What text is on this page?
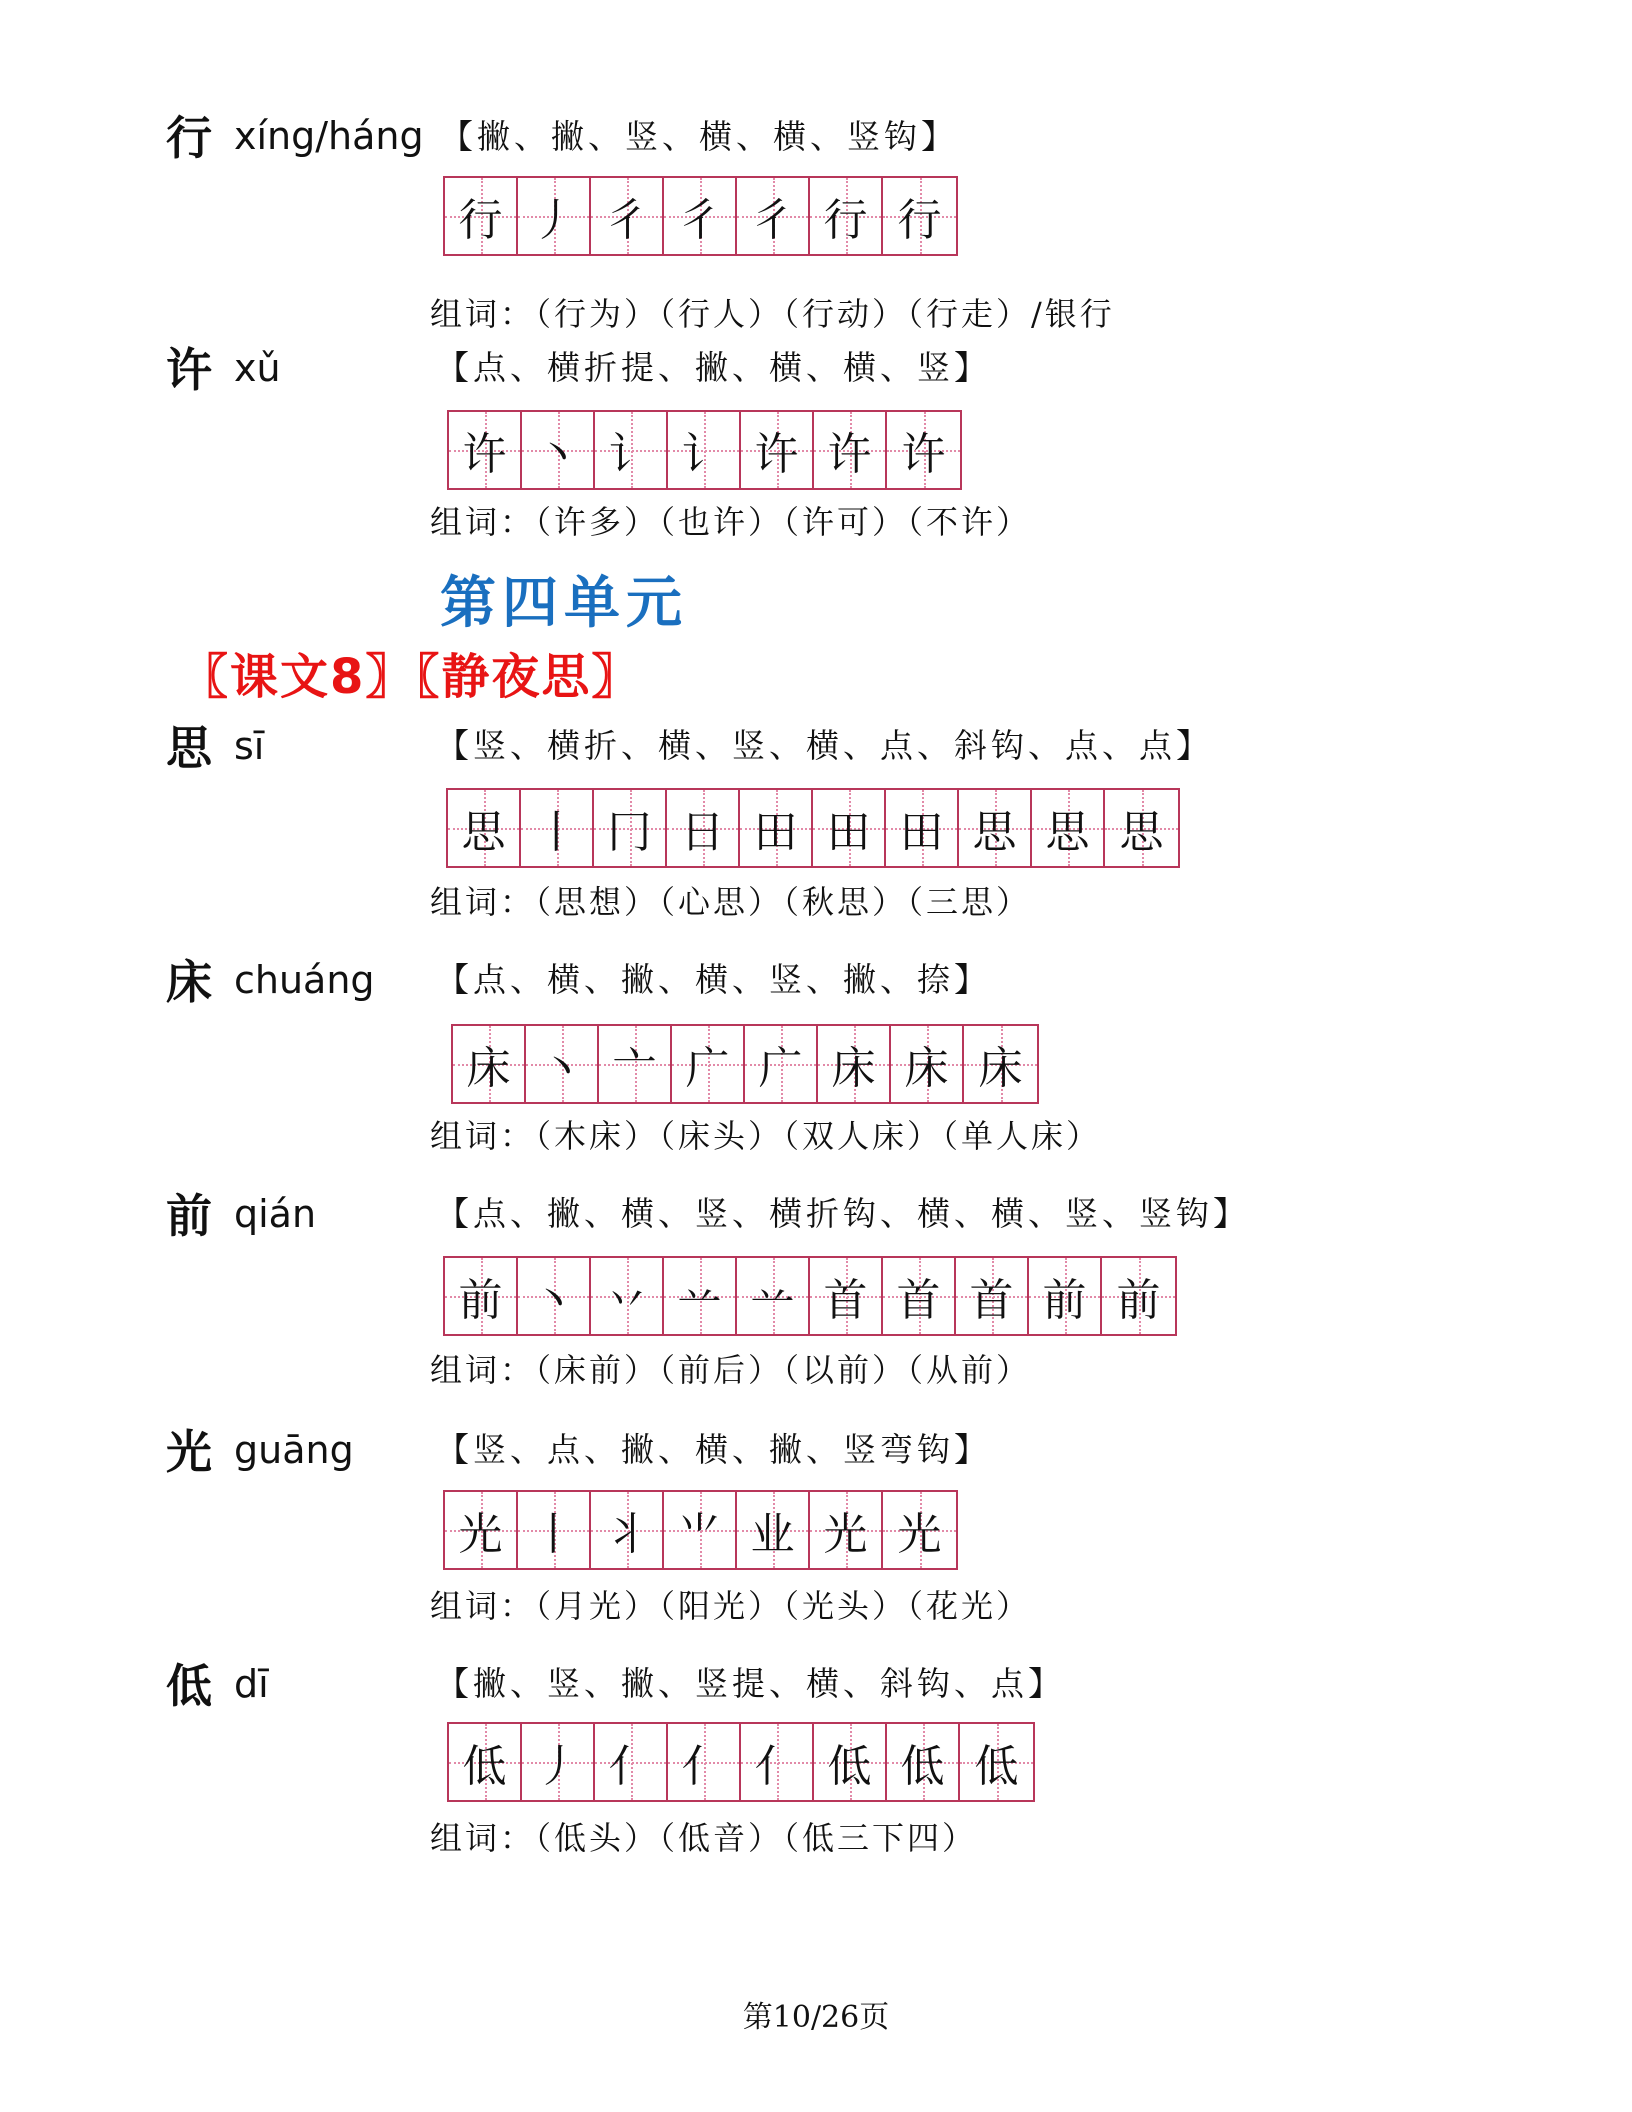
行 xíng/háng 【撇、撇、竖、横、横、竖钩】
行 丿 彳 彳 彳 行 行
组词：（行为）（行人）（行动）（行走）/银行
许 xǔ	【点、横折提、撇、横、横、竖】
许 丶 讠 讠 许 许 许
组词：（许多）（也许）（许可）（不许）
第四单元
〖课文8〗〖静夜思〗
思 sī	【竖、横折、横、竖、横、点、斜钩、点、点】
思 丨 冂 日 田 田 田 思 思 思
组词：（思想）（心思）（秋思）（三思）
床 chuáng 【点、横、撇、横、竖、撇、捺】
床 丶 亠 广 广 床 床 床
组词：（木床）（床头）（双人床）（单人床）
前 qián	【点、撇、横、竖、横折钩、横、横、竖、竖钩】
前 丶 丷 䒑 䒑 首 首 首 前 前
组词：（床前）（前后）（以前）（从前）
光 guāng 【竖、点、撇、横、撇、竖弯钩】
光 丨 丬 ⺌ 业 光 光
组词：（月光）（阳光）（光头）（花光）
低 dī	【撇、竖、撇、竖提、横、斜钩、点】
低 丿 亻 亻 亻 低 低 低
组词：（低头）（低音）（低三下四）
第10/26页
